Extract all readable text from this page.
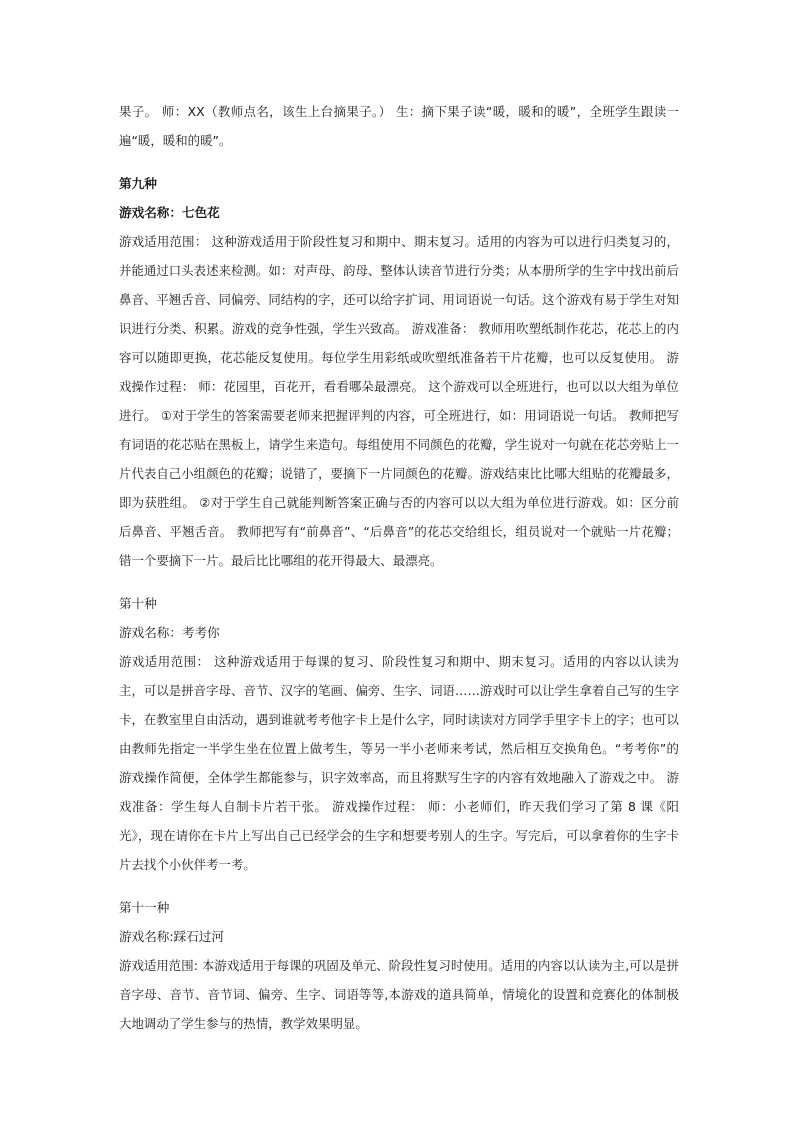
果子。 师：XX（教师点名，该生上台摘果子。） 生：摘下果子读“暖，暖和的暖”，全班学生跟读一遍“暖，暖和的暖”。

第九种

游戏名称：七色花

游戏适用范围： 这种游戏适用于阶段性复习和期中、期末复习。适用的内容为可以进行归类复习的，并能通过口头表述来检测。如：对声母、韵母、整体认读音节进行分类；从本册所学的生字中找出前后鼻音、平翘舌音、同偏旁、同结构的字，还可以给字扩词、用词语说一句话。这个游戏有易于学生对知识进行分类、积累。游戏的竞争性强，学生兴致高。 游戏准备： 教师用吹塑纸制作花芯，花芯上的内容可以随即更换，花芯能反复使用。每位学生用彩纸或吹塑纸准备若干片花瓣，也可以反复使用。 游戏操作过程： 师：花园里，百花开，看看哪朵最漂亮。 这个游戏可以全班进行，也可以以大组为单位进行。 ①对于学生的答案需要老师来把握评判的内容，可全班进行，如：用词语说一句话。 教师把写有词语的花芯贴在黑板上，请学生来造句。每组使用不同颜色的花瓣，学生说对一句就在花芯旁贴上一片代表自己小组颜色的花瓣；说错了，要摘下一片同颜色的花瓣。游戏结束比比哪大组贴的花瓣最多，即为获胜组。 ②对于学生自己就能判断答案正确与否的内容可以以大组为单位进行游戏。如：区分前后鼻音、平翘舌音。 教师把写有“前鼻音”、“后鼻音”的花芯交给组长，组员说对一个就贴一片花瓣；错一个要摘下一片。最后比比哪组的花开得最大、最漂亮。

第十种

游戏名称：考考你

游戏适用范围： 这种游戏适用于每课的复习、阶段性复习和期中、期末复习。适用的内容以认读为主，可以是拼音字母、音节、汉字的笔画、偏旁、生字、词语……游戏时可以让学生拿着自己写的生字卡，在教室里自由活动，遇到谁就考考他字卡上是什么字，同时读读对方同学手里字卡上的字；也可以由教师先指定一半学生坐在位置上做考生，等另一半小老师来考试，然后相互交换角色。“考考你”的游戏操作简便，全体学生都能参与，识字效率高，而且将默写生字的内容有效地融入了游戏之中。 游戏准备：学生每人自制卡片若干张。 游戏操作过程： 师：小老师们，昨天我们学习了第 8 课《阳光》，现在请你在卡片上写出自己已经学会的生字和想要考别人的生字。写完后，可以拿着你的生字卡片去找个小伙伴考一考。

第十一种

游戏名称:踩石过河

游戏适用范围: 本游戏适用于每课的巩固及单元、阶段性复习时使用。适用的内容以认读为主,可以是拼音字母、音节、音节词、偏旁、生字、词语等等,本游戏的道具简单，情境化的设置和竞赛化的体制极大地调动了学生参与的热情，教学效果明显。
